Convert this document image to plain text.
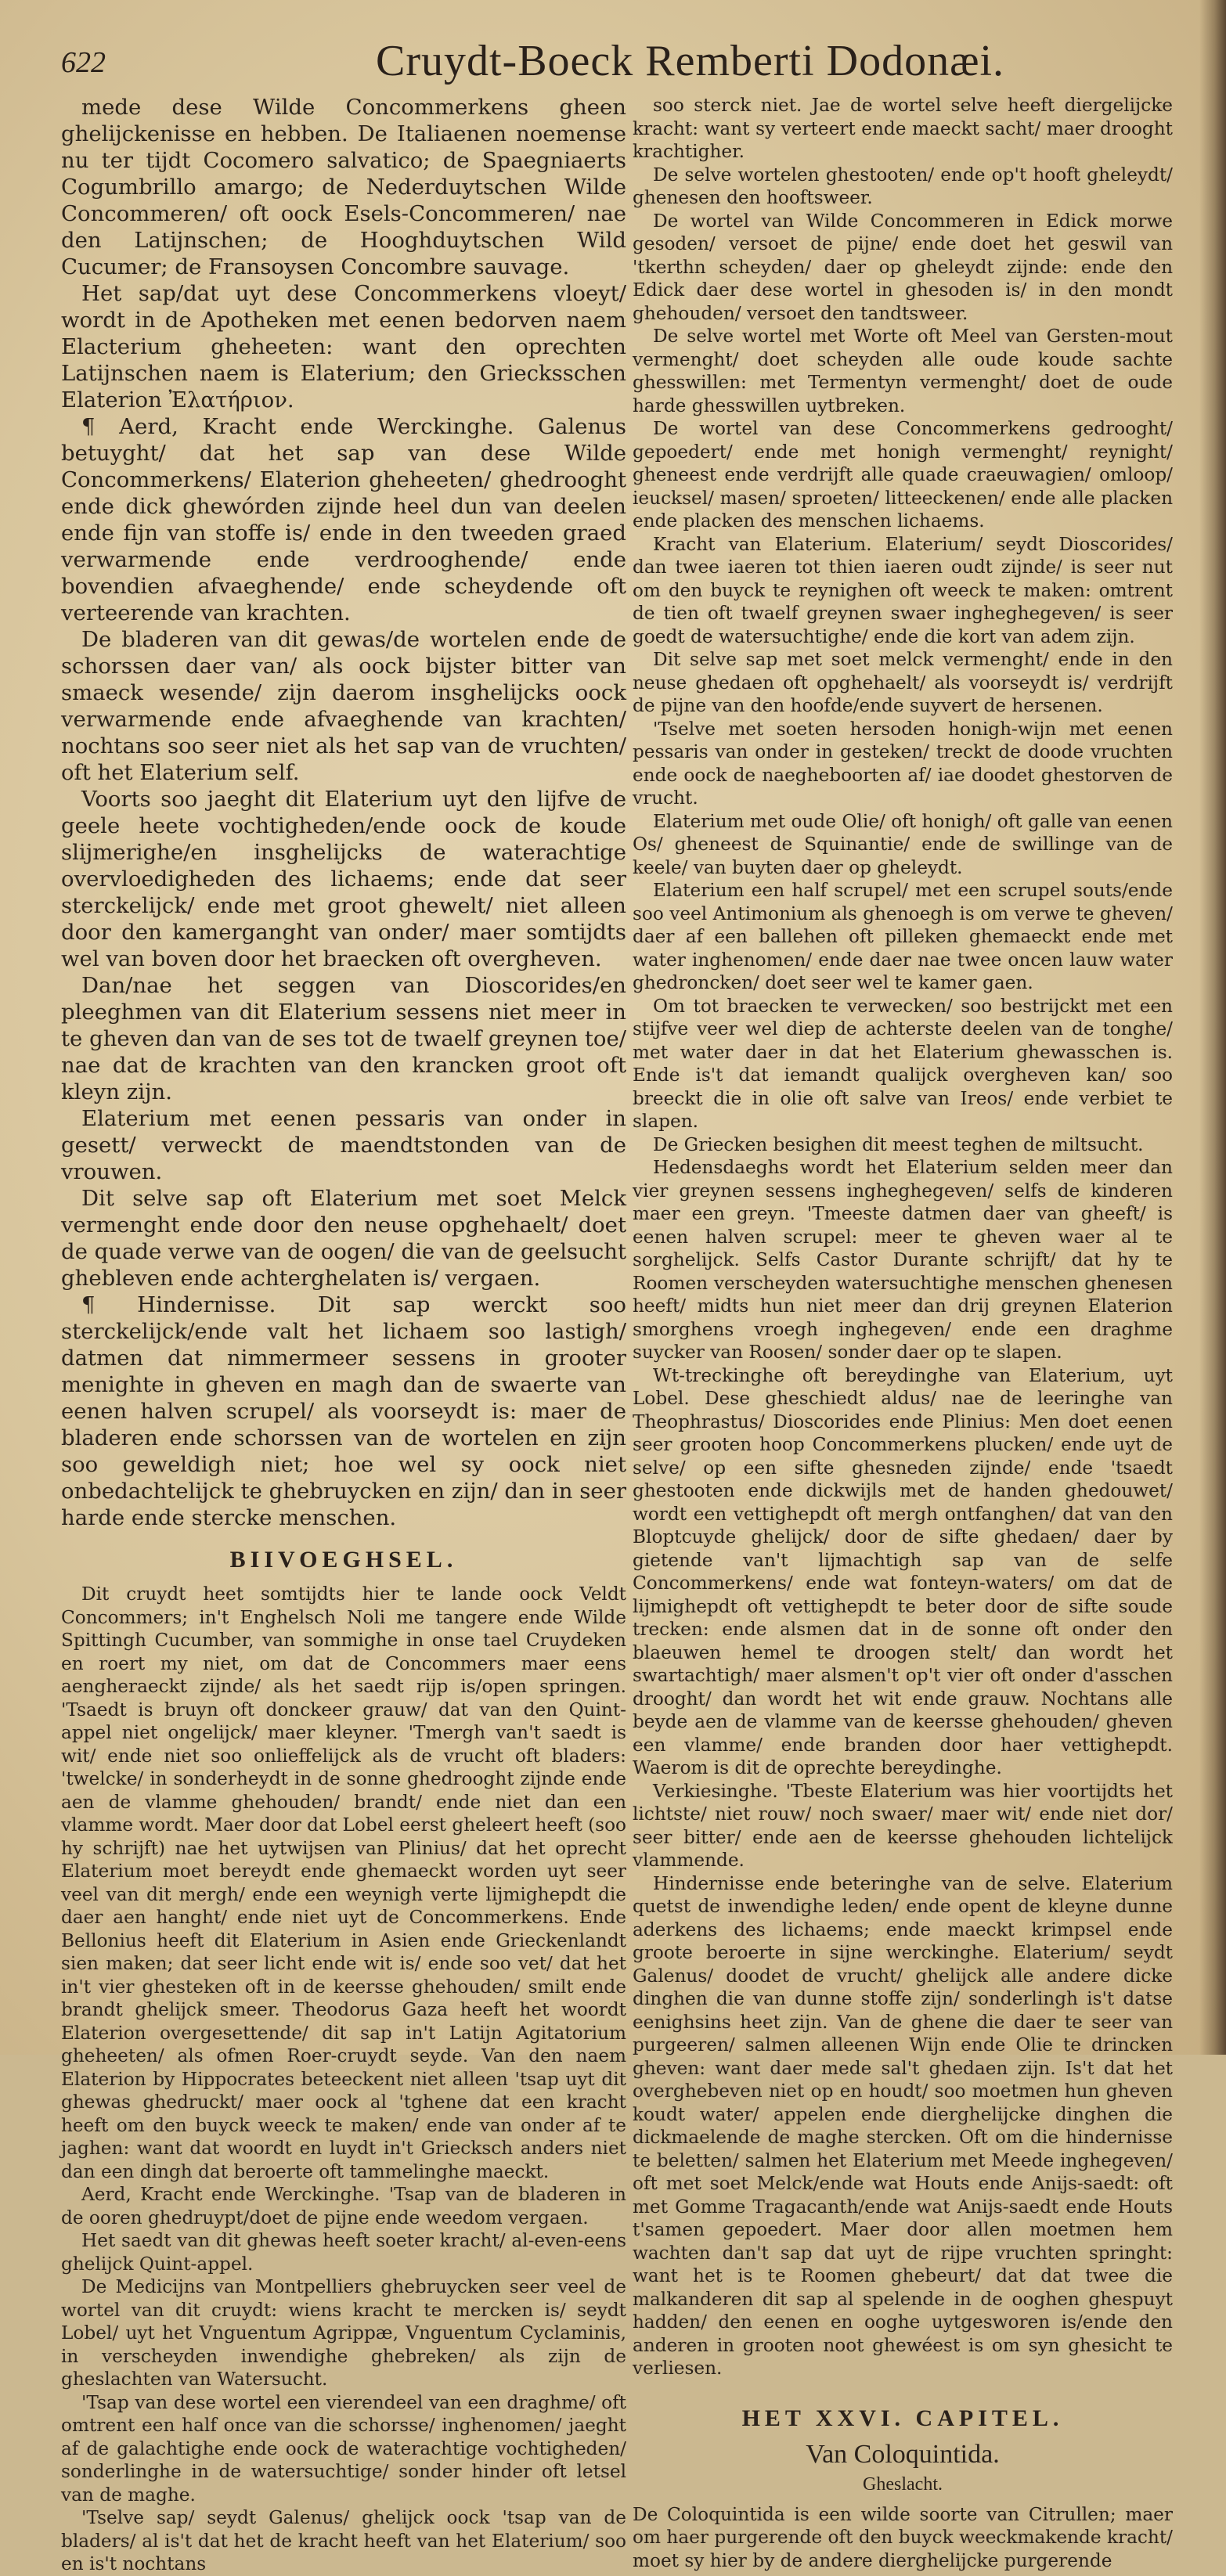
622	Cruydt-Boeck Remberti Dodonæi.

mede dese Wilde Concommerkens gheen ghelijckenisse en hebben. De Italiaenen noemense nu ter tijdt Cocomero salvatico; de Spaegniaerts Cogumbrillo amargo; de Nederduytschen Wilde Concommeren/ oft oock Esels-Concommeren/ nae den Latijnschen; de Hooghduytschen Wild Cucumer; de Fransoysen Concombre sauvage.

Het sap/dat uyt dese Concommerkens vloeyt/ wordt in de Apotheken met eenen bedorven naem Elacterium gheheeten: want den oprechten Latijnschen naem is Elaterium; den Griecksschen Elaterion Ἐλατήριον.

¶ Aerd, Kracht ende Werckinghe. Galenus betuyght/ dat het sap van dese Wilde Concommerkens/ Elaterion gheheeten/ ghedrooght ende dick ghewórden zijnde heel dun van deelen ende fijn van stoffe is/ ende in den tweeden graed verwarmende ende verdrooghende/ ende bovendien afvaeghende/ ende scheydende oft verteerende van krachten.

De bladeren van dit gewas/de wortelen ende de schorssen daer van/ als oock bijster bitter van smaeck wesende/ zijn daerom insghelijcks oock verwarmende ende afvaeghende van krachten/ nochtans soo seer niet als het sap van de vruchten/ oft het Elaterium self.

Voorts soo jaeght dit Elaterium uyt den lijfve de geele heete vochtigheden/ende oock de koude slijmerighe/en insghelijcks de waterachtige overvloedigheden des lichaems; ende dat seer sterckelijck/ ende met groot ghewelt/ niet alleen door den kamerganght van onder/ maer somtijdts wel van boven door het braecken oft overgheven.

Dan/nae het seggen van Dioscorides/en pleeghmen van dit Elaterium sessens niet meer in te gheven dan van de ses tot de twaelf greynen toe/ nae dat de krachten van den krancken groot oft kleyn zijn.

Elaterium met eenen pessaris van onder in gesett/ verweckt de maendtstonden van de vrouwen.

Dit selve sap oft Elaterium met soet Melck vermenght ende door den neuse opghehaelt/ doet de quade verwe van de oogen/ die van de geelsucht ghebleven ende achterghelaten is/ vergaen.

¶ Hindernisse. Dit sap werckt soo sterckelijck/ende valt het lichaem soo lastigh/ datmen dat nimmermeer sessens in grooter menighte in gheven en magh dan de swaerte van eenen halven scrupel/ als voorseydt is: maer de bladeren ende schorssen van de wortelen en zijn soo geweldigh niet; hoe wel sy oock niet onbedachtelijck te ghebruycken en zijn/ dan in seer harde ende stercke menschen.

BIIVOEGHSEL.

Dit cruydt heet somtijdts hier te lande oock Veldt Concommers; in't Enghelsch Noli me tangere ende Wilde Spittingh Cucumber, van sommighe in onse tael Cruydeken en roert my niet, om dat de Concommers maer eens aengheraeckt zijnde/ als het saedt rijp is/open springen. 'Tsaedt is bruyn oft donckeer grauw/ dat van den Quint-appel niet ongelijck/ maer kleyner. 'Tmergh van't saedt is wit/ ende niet soo onlieffelijck als de vrucht oft bladers: 'twelcke/ in sonderheydt in de sonne ghedrooght zijnde ende aen de vlamme ghehouden/ brandt/ ende niet dan een vlamme wordt. Maer door dat Lobel eerst gheleert heeft (soo hy schrijft) nae het uytwijsen van Plinius/ dat het oprecht Elaterium moet bereydt ende ghemaeckt worden uyt seer veel van dit mergh/ ende een weynigh verte lijmighepdt die daer aen hanght/ ende niet uyt de Concommerkens. Ende Bellonius heeft dit Elaterium in Asien ende Grieckenlandt sien maken; dat seer licht ende wit is/ ende soo vet/ dat het in't vier ghesteken oft in de keersse ghehouden/ smilt ende brandt ghelijck smeer. Theodorus Gaza heeft het woordt Elaterion overgesettende/ dit sap in't Latijn Agitatorium gheheeten/ als ofmen Roer-cruydt seyde. Van den naem Elaterion by Hippocrates beteeckent niet alleen 'tsap uyt dit ghewas ghedruckt/ maer oock al 'tghene dat een kracht heeft om den buyck weeck te maken/ ende van onder af te jaghen: want dat woordt en luydt in't Griecksch anders niet dan een dingh dat beroerte oft tammelinghe maeckt.

Aerd, Kracht ende Werckinghe. 'Tsap van de bladeren in de ooren ghedruypt/doet de pijne ende weedom vergaen.

Het saedt van dit ghewas heeft soeter kracht/ al-even-eens ghelijck Quint-appel.

De Medicijns van Montpelliers ghebruycken seer veel de wortel van dit cruydt: wiens kracht te mercken is/ seydt Lobel/ uyt het Vnguentum Agrippæ, Vnguentum Cyclaminis, in verscheyden inwendighe ghebreken/ als zijn de gheslachten van Watersucht.

'Tsap van dese wortel een vierendeel van een draghme/ oft omtrent een half once van die schorsse/ inghenomen/ jaeght af de galachtighe ende oock de waterachtige vochtigheden/ sonderlinghe in de watersuchtige/ sonder hinder oft letsel van de maghe.

'Tselve sap/ seydt Galenus/ ghelijck oock 'tsap van de bladers/ al is't dat het de kracht heeft van het Elaterium/ soo en is't nochtans

soo sterck niet. Jae de wortel selve heeft diergelijcke kracht: want sy verteert ende maeckt sacht/ maer drooght krachtigher.

De selve wortelen ghestooten/ ende op't hooft gheleydt/ ghenesen den hooftsweer.

De wortel van Wilde Concommeren in Edick morwe gesoden/ versoet de pijne/ ende doet het geswil van 'tkerthn scheyden/ daer op gheleydt zijnde: ende den Edick daer dese wortel in ghesoden is/ in den mondt ghehouden/ versoet den tandtsweer.

De selve wortel met Worte oft Meel van Gersten-mout vermenght/ doet scheyden alle oude koude sachte ghesswillen: met Termentyn vermenght/ doet de oude harde ghesswillen uytbreken.

De wortel van dese Concommerkens gedrooght/ gepoedert/ ende met honigh vermenght/ reynight/ gheneest ende verdrijft alle quade craeuwagien/ omloop/ ieucksel/ masen/ sproeten/ litteeckenen/ ende alle placken ende placken des menschen lichaems.

Kracht van Elaterium. Elaterium/ seydt Dioscorides/ dan twee iaeren tot thien iaeren oudt zijnde/ is seer nut om den buyck te reynighen oft weeck te maken: omtrent de tien oft twaelf greynen swaer ingheghegeven/ is seer goedt de watersuchtighe/ ende die kort van adem zijn.

Dit selve sap met soet melck vermenght/ ende in den neuse ghedaen oft opghehaelt/ als voorseydt is/ verdrijft de pijne van den hoofde/ende suyvert de hersenen.

'Tselve met soeten hersoden honigh-wijn met eenen pessaris van onder in gesteken/ treckt de doode vruchten ende oock de naegheboorten af/ iae doodet ghestorven de vrucht.

Elaterium met oude Olie/ oft honigh/ oft galle van eenen Os/ gheneest de Squinantie/ ende de swillinge van de keele/ van buyten daer op gheleydt.

Elaterium een half scrupel/ met een scrupel souts/ende soo veel Antimonium als ghenoegh is om verwe te gheven/ daer af een ballehen oft pilleken ghemaeckt ende met water inghenomen/ ende daer nae twee oncen lauw water ghedroncken/ doet seer wel te kamer gaen.

Om tot braecken te verwecken/ soo bestrijckt met een stijfve veer wel diep de achterste deelen van de tonghe/ met water daer in dat het Elaterium ghewasschen is. Ende is't dat iemandt qualijck overgheven kan/ soo breeckt die in olie oft salve van Ireos/ ende verbiet te slapen.

De Griecken besighen dit meest teghen de miltsucht.

Hedensdaeghs wordt het Elaterium selden meer dan vier greynen sessens ingheghegeven/ selfs de kinderen maer een greyn. 'Tmeeste datmen daer van gheeft/ is eenen halven scrupel: meer te gheven waer al te sorghelijck. Selfs Castor Durante schrijft/ dat hy te Roomen verscheyden watersuchtighe menschen ghenesen heeft/ midts hun niet meer dan drij greynen Elaterion smorghens vroegh inghegeven/ ende een draghme suycker van Roosen/ sonder daer op te slapen.

Wt-treckinghe oft bereydinghe van Elaterium, uyt Lobel. Dese gheschiedt aldus/ nae de leeringhe van Theophrastus/ Dioscorides ende Plinius: Men doet eenen seer grooten hoop Concommerkens plucken/ ende uyt de selve/ op een sifte ghesneden zijnde/ ende 'tsaedt ghestooten ende dickwijls met de handen ghedouwet/ wordt een vettighepdt oft mergh ontfanghen/ dat van den Bloptcuyde ghelijck/ door de sifte ghedaen/ daer by gietende van't lijmachtigh sap van de selfe Concommerkens/ ende wat fonteyn-waters/ om dat de lijmighepdt oft vettighepdt te beter door de sifte soude trecken: ende alsmen dat in de sonne oft onder den blaeuwen hemel te droogen stelt/ dan wordt het swartachtigh/ maer alsmen't op't vier oft onder d'asschen drooght/ dan wordt het wit ende grauw. Nochtans alle beyde aen de vlamme van de keersse ghehouden/ gheven een vlamme/ ende branden door haer vettighepdt. Waerom is dit de oprechte bereydinghe.

Verkiesinghe. 'Tbeste Elaterium was hier voortijdts het lichtste/ niet rouw/ noch swaer/ maer wit/ ende niet dor/ seer bitter/ ende aen de keersse ghehouden lichtelijck vlammende.

Hindernisse ende beteringhe van de selve. Elaterium quetst de inwendighe leden/ ende opent de kleyne dunne aderkens des lichaems; ende maeckt krimpsel ende groote beroerte in sijne werckinghe. Elaterium/ seydt Galenus/ doodet de vrucht/ ghelijck alle andere dicke dinghen die van dunne stoffe zijn/ sonderlingh is't datse eenighsins heet zijn. Van de ghene die daer te seer van purgeeren/ salmen alleenen Wijn ende Olie te drincken gheven: want daer mede sal't ghedaen zijn. Is't dat het overghebeven niet op en houdt/ soo moetmen hun gheven koudt water/ appelen ende dierghelijcke dinghen die dickmaelende de maghe stercken. Oft om die hindernisse te beletten/ salmen het Elaterium met Meede inghegeven/ oft met soet Melck/ende wat Houts ende Anijs-saedt: oft met Gomme Tragacanth/ende wat Anijs-saedt ende Houts t'samen gepoedert. Maer door allen moetmen hem wachten dan't sap dat uyt de rijpe vruchten springht: want het is te Roomen ghebeurt/ dat dat twee die malkanderen dit sap al spelende in de ooghen ghespuyt hadden/ den eenen en ooghe uytgesworen is/ende den anderen in grooten noot ghewéest is om syn ghesicht te verliesen.

HET XXVI. CAPITEL.
Van Coloquintida.
Gheslacht.

De Coloquintida is een wilde soorte van Citrullen; maer om haer purgerende oft den buyck weeckmakende kracht/ moet sy hier by de andere dierghelijcke purgerende
